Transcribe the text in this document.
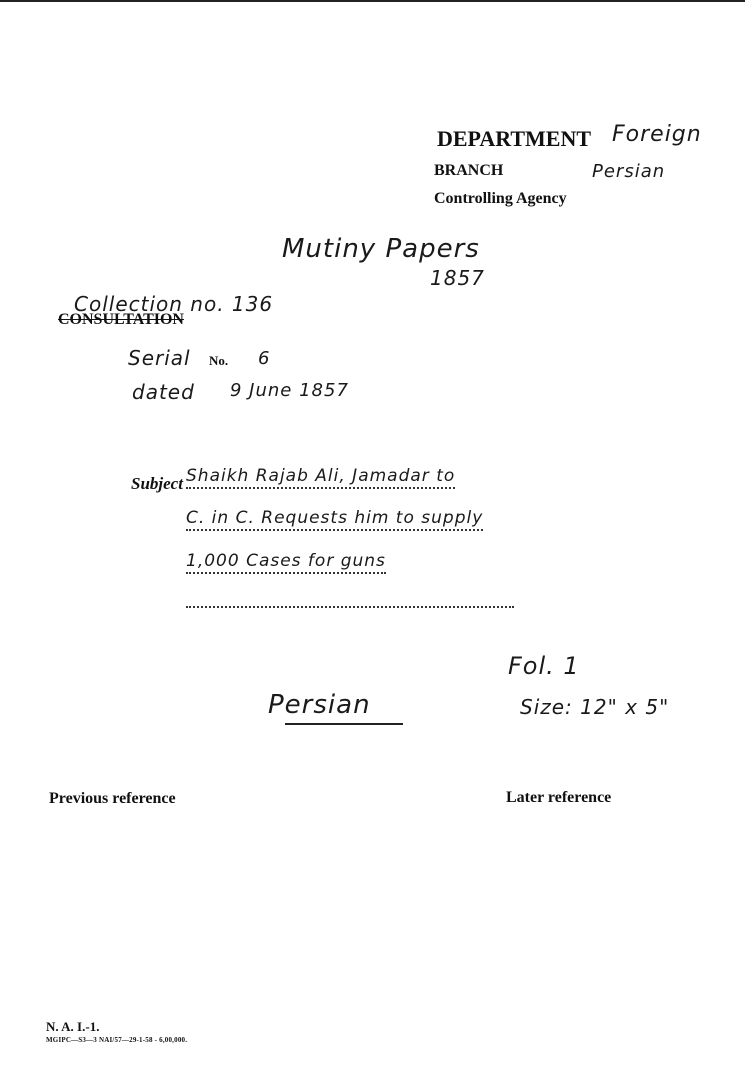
DEPARTMENT Foreign
BRANCH	Persian
Controlling Agency
Mutiny Papers
1857
Collection no. 136
CONSULTATION
Serial No. 6
dated 9 June 1857
Subject Shaikh Rajab Ali, Jamadar to
C. in C. Requests him to supply
1,000 Cases for guns
Fol. 1
Size: 12" x 5"
Persian
Previous reference	Later reference
N. A. I.-1.
MGIPC—S3—3 NAI/57—29-1-58 - 6,00,000.
